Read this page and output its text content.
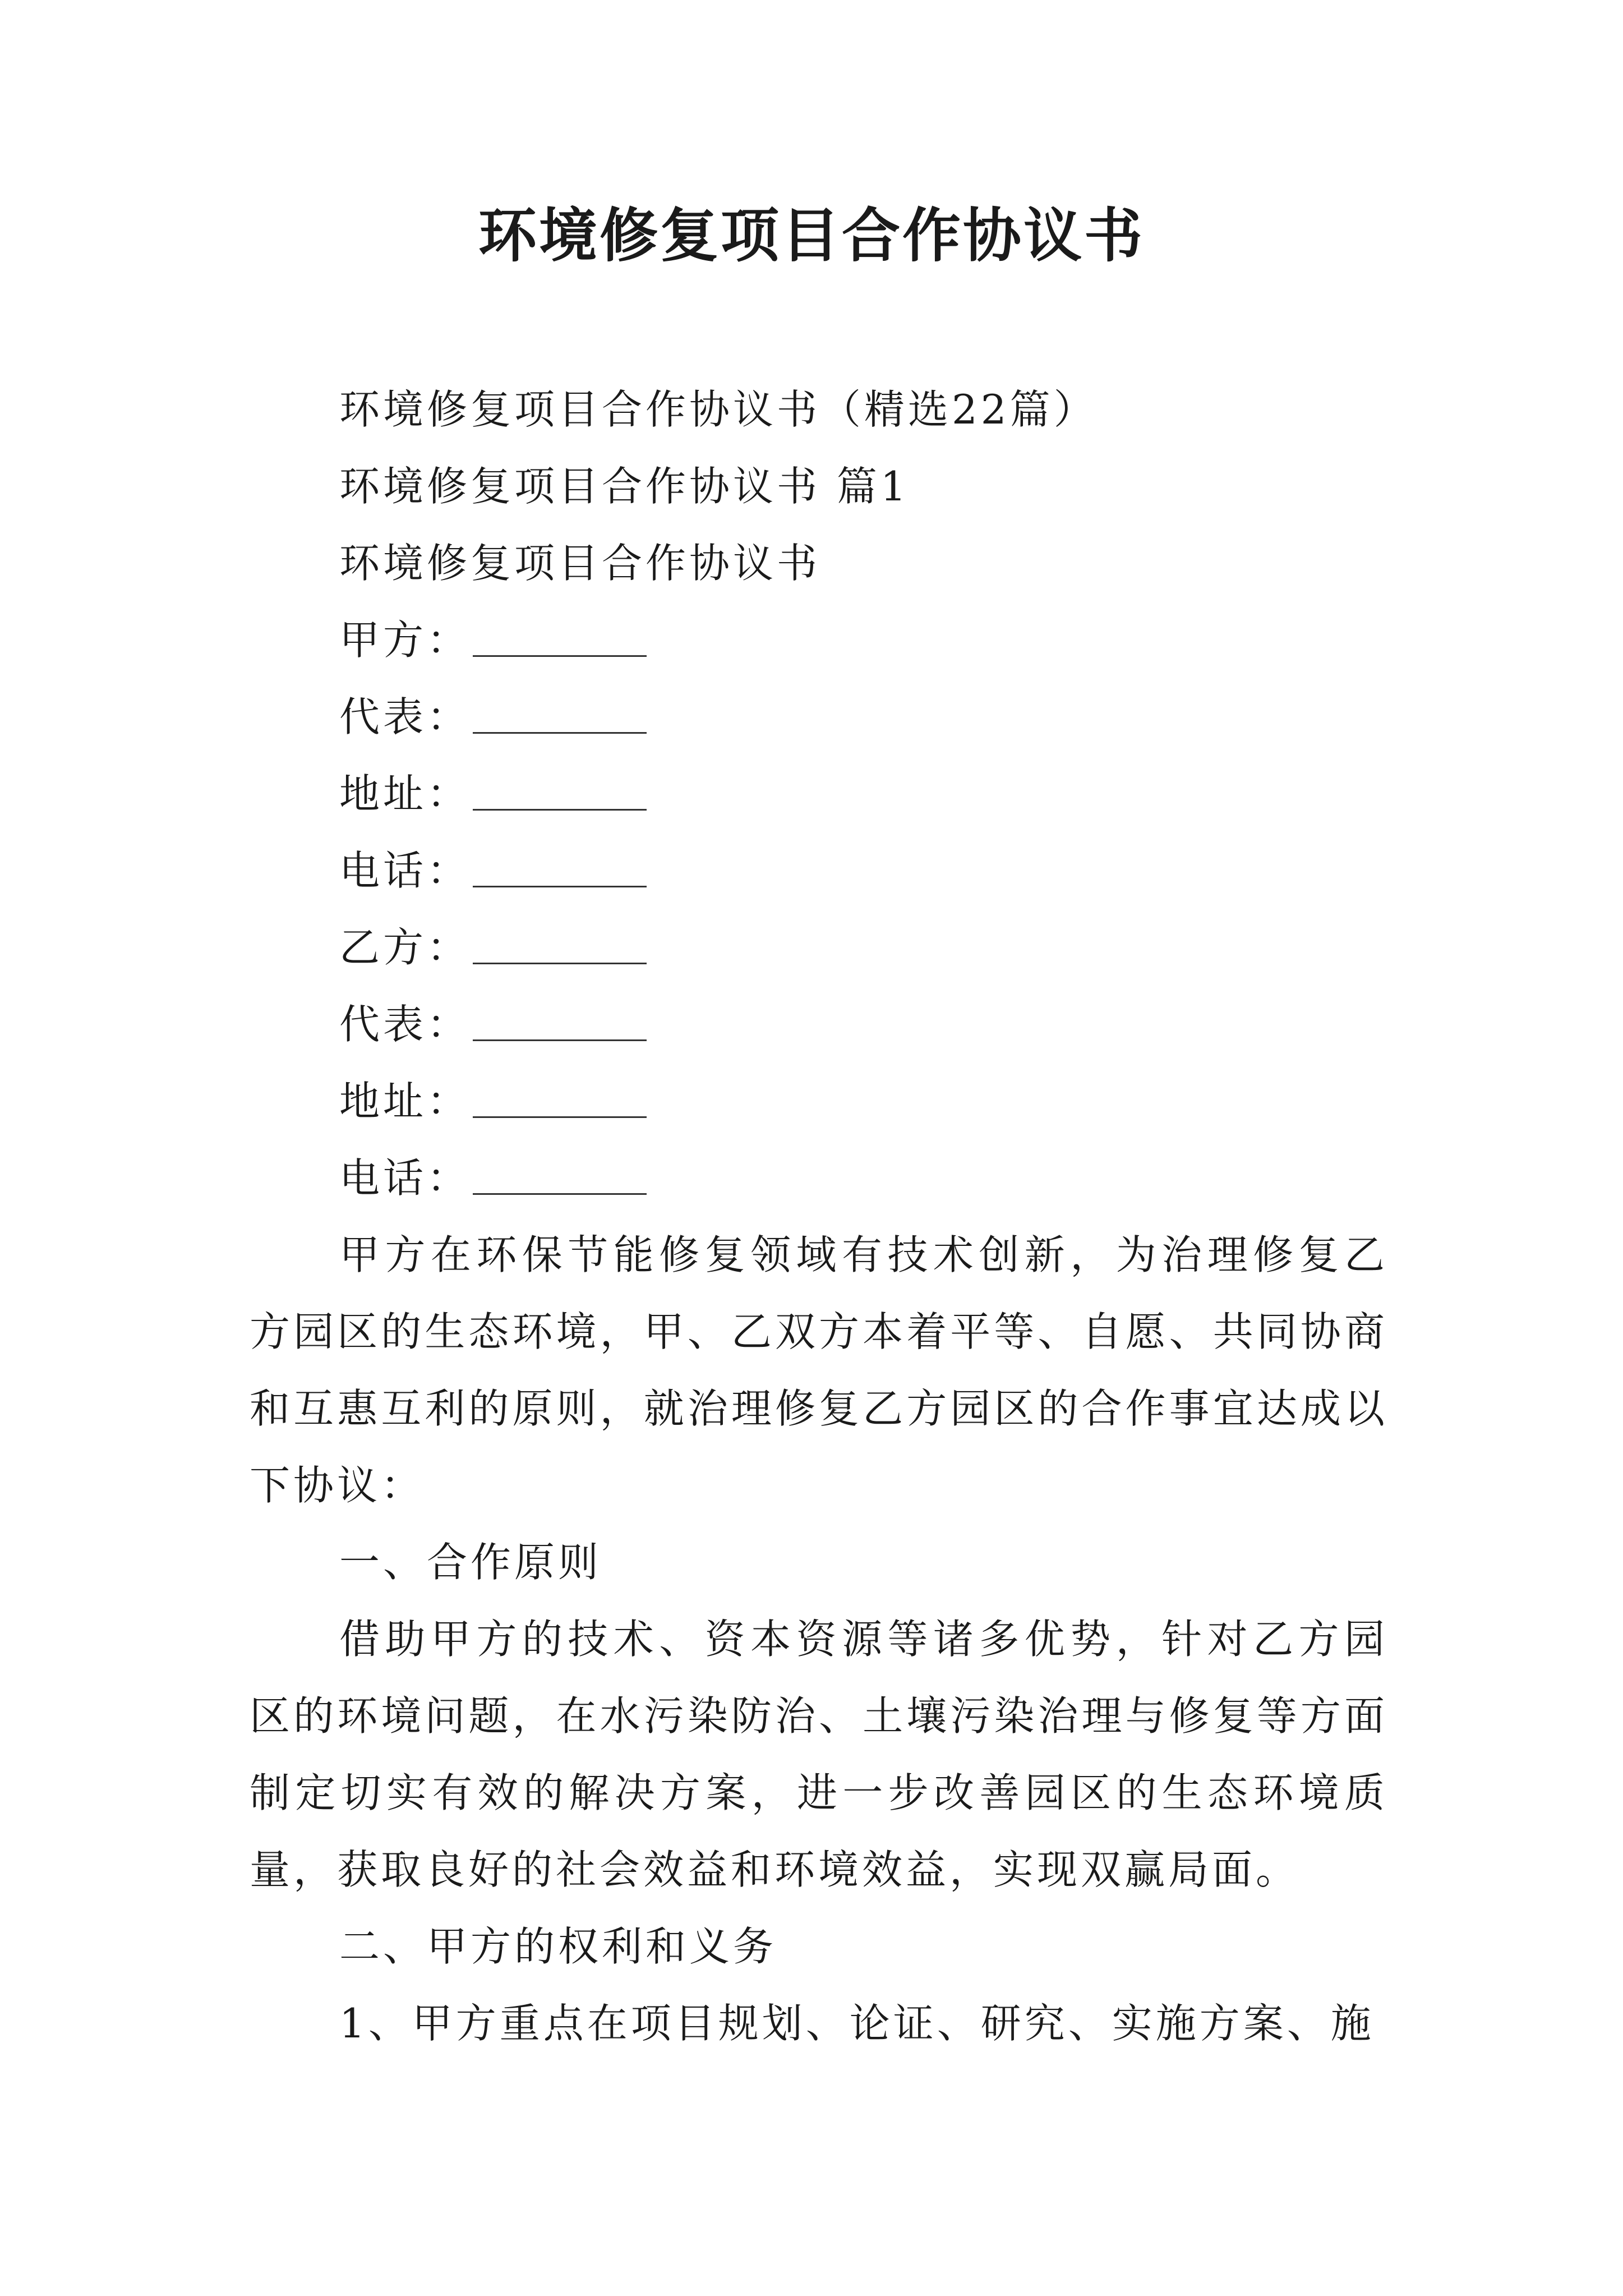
环境修复项目合作协议书
环境修复项目合作协议书（精选22篇）
环境修复项目合作协议书 篇1
环境修复项目合作协议书
甲方：
代表：
地址：
电话：
乙方：
代表：
地址：
电话：
甲方在环保节能修复领域有技术创新，为治理修复乙方园区的生态环境，甲、乙双方本着平等、自愿、共同协商和互惠互利的原则，就治理修复乙方园区的合作事宜达成以下协议：
一、合作原则
借助甲方的技术、资本资源等诸多优势，针对乙方园区的环境问题，在水污染防治、土壤污染治理与修复等方面制定切实有效的解决方案，进一步改善园区的生态环境质量，获取良好的社会效益和环境效益，实现双赢局面。
二、甲方的权利和义务
1、甲方重点在项目规划、论证、研究、实施方案、施
